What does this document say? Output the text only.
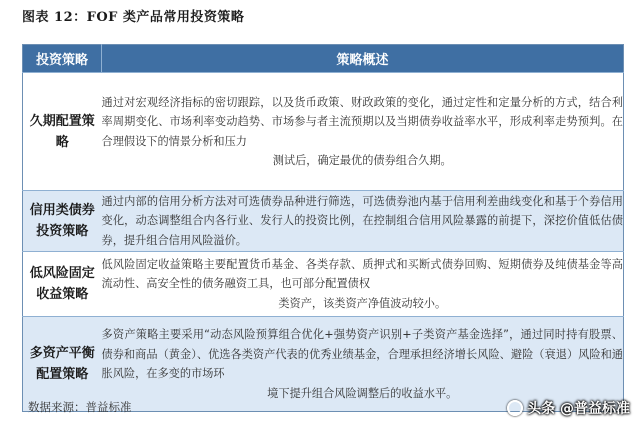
图表 12：FOF 类产品常用投资策略
投资策略	策略概述
久期配置策略	通过对宏观经济指标的密切跟踪，以及货币政策、财政政策的变化，通过定性和定量分析的方式，结合利率周期变化、市场利率变动趋势、市场参与者主流预期以及当期债券收益率水平，形成利率走势预判。在合理假设下的情景分析和压力
测试后，确定最优的债券组合久期。

信用类债券投资策略	通过内部的信用分析方法对可选债券品种进行筛选，可选债券池内基于信用利差曲线变化和基于个券信用变化，动态调整组合内各行业、发行人的投资比例，在控制组合信用风险暴露的前提下，深挖价值低估债券，提升组合信用风险溢价。
低风险固定收益策略	低风险固定收益策略主要配置货币基金、各类存款、质押式和买断式债券回购、短期债券及纯债基金等高流动性、高安全性的债务融资工具，也可部分配置债权
类资产，该类资产净值波动较小。

多资产平衡配置策略	多资产策略主要采用“动态风险预算组合优化+强势资产识别+子类资产基金选择”，通过同时持有股票、债券和商品（黄金）、优选各类资产代表的优秀业绩基金，合理承担经济增长风险、避险（衰退）风险和通胀风险，在多变的市场环
境下提升组合风险调整后的收益水平。
数据来源：普益标准	头条 @普益标准
